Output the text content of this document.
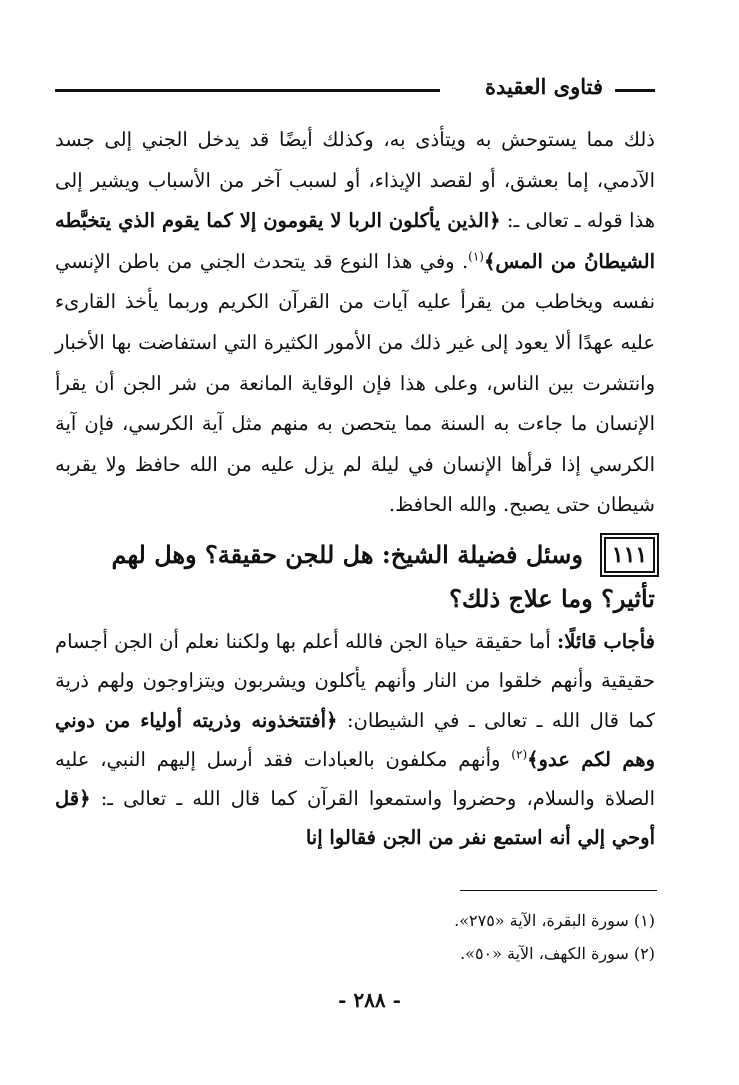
فتاوى العقيدة

ذلك مما يستوحش به ويتأذى به، وكذلك أيضًا قد يدخل الجني إلى جسد الآدمي، إما بعشق، أو لقصد الإيذاء، أو لسبب آخر من الأسباب ويشير إلى هذا قوله ـ تعالى ـ: ﴿الذين يأكلون الربا لا يقومون إلا كما يقوم الذي يتخبَّطه الشيطانُ من المس﴾$^{(١)}$. وفي هذا النوع قد يتحدث الجني من باطن الإنسي نفسه ويخاطب من يقرأ عليه آيات من القرآن الكريم وربما يأخذ القارىء عليه عهدًا ألا يعود إلى غير ذلك من الأمور الكثيرة التي استفاضت بها الأخبار وانتشرت بين الناس، وعلى هذا فإن الوقاية المانعة من شر الجن أن يقرأ الإنسان ما جاءت به السنة مما يتحصن به منهم مثل آية الكرسي، فإن آية الكرسي إذا قرأها الإنسان في ليلة لم يزل عليه من الله حافظ ولا يقربه شيطان حتى يصبح. والله الحافظ.

١١١

وسئل فضيلة الشيخ: هل للجن حقيقة؟ وهل لهم تأثير؟ وما علاج ذلك؟

فأجاب قائلًا: أما حقيقة حياة الجن فالله أعلم بها ولكننا نعلم أن الجن أجسام حقيقية وأنهم خلقوا من النار وأنهم يأكلون ويشربون ويتزاوجون ولهم ذرية كما قال الله ـ تعالى ـ في الشيطان: ﴿أفتتخذونه وذريته أولياء من دوني وهم لكم عدو﴾$^{(٢)}$ وأنهم مكلفون بالعبادات فقد أرسل إليهم النبي، عليه الصلاة والسلام، وحضروا واستمعوا القرآن كما قال الله ـ تعالى ـ: ﴿قل أوحي إلي أنه استمع نفر من الجن فقالوا إنا

(١) سورة البقرة، الآية «٢٧٥».

(٢) سورة الكهف، الآية «٥٠».

- ٢٨٨ -
